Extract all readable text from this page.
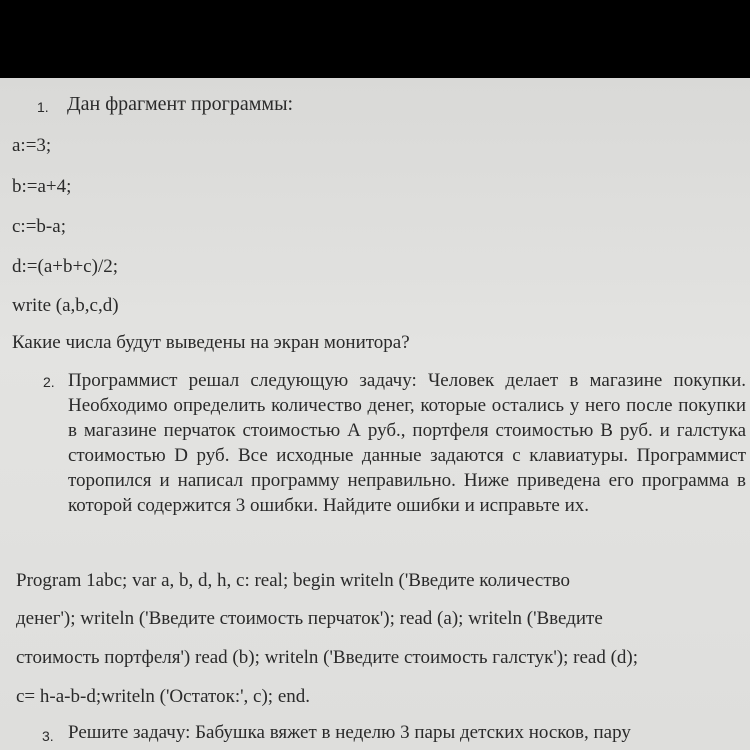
1. Дан фрагмент программы:
a:=3;
b:=a+4;
c:=b-a;
d:=(a+b+c)/2;
write (a,b,c,d)
Какие числа будут выведены на экран монитора?
2. Программист решал следующую задачу: Человек делает в магазине покупки. Необходимо определить количество денег, которые остались у него после покупки в магазине перчаток стоимостью А руб., портфеля стоимостью В руб. и галстука стоимостью D руб. Все исходные данные задаются с клавиатуры. Программист торопился и написал программу неправильно. Ниже приведена его программа в которой содержится 3 ошибки. Найдите ошибки и исправьте их.
Program 1abc; var a, b, d, h, c: real; begin writeln ('Введите количество
денег'); writeln ('Введите стоимость перчаток'); read (a); writeln ('Введите
стоимость портфеля') read (b); writeln ('Введите стоимость галстук'); read (d);
c= h-a-b-d;writeln ('Остаток:', c); end.
3. Решите задачу: Бабушка вяжет в неделю 3 пары детских носков, пару
